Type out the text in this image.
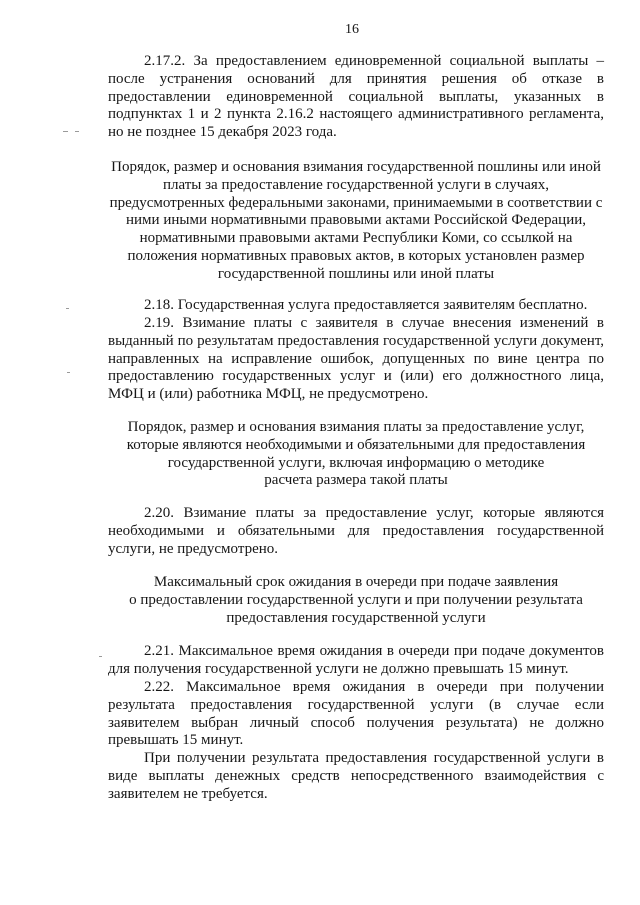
16
2.17.2. За предоставлением единовременной социальной выплаты –
после устранения оснований для принятия решения об отказе в
предоставлении единовременной социальной выплаты, указанных в
подпунктах 1 и 2 пункта 2.16.2 настоящего административного регламента,
но не позднее 15 декабря 2023 года.
Порядок, размер и основания взимания государственной пошлины или иной
платы за предоставление государственной услуги в случаях,
предусмотренных федеральными законами, принимаемыми в соответствии с
ними иными нормативными правовыми актами Российской Федерации,
нормативными правовыми актами Республики Коми, со ссылкой на
положения нормативных правовых актов, в которых установлен размер
государственной пошлины или иной платы
2.18. Государственная услуга предоставляется заявителям бесплатно.
2.19. Взимание платы с заявителя в случае внесения изменений в
выданный по результатам предоставления государственной услуги документ,
направленных на исправление ошибок, допущенных по вине центра по
предоставлению государственных услуг и (или) его должностного лица,
МФЦ и (или) работника МФЦ, не предусмотрено.
Порядок, размер и основания взимания платы за предоставление услуг,
которые являются необходимыми и обязательными для предоставления
государственной услуги, включая информацию о методике
расчета размера такой платы
2.20. Взимание платы за предоставление услуг, которые являются
необходимыми и обязательными для предоставления государственной
услуги, не предусмотрено.
Максимальный срок ожидания в очереди при подаче заявления
о предоставлении государственной услуги и при получении результата
предоставления государственной услуги
2.21. Максимальное время ожидания в очереди при подаче документов
для получения государственной услуги не должно превышать 15 минут.
2.22. Максимальное время ожидания в очереди при получении
результата предоставления государственной услуги (в случае если
заявителем выбран личный способ получения результата) не должно
превышать 15 минут.
При получении результата предоставления государственной услуги в
виде выплаты денежных средств непосредственного взаимодействия с
заявителем не требуется.
